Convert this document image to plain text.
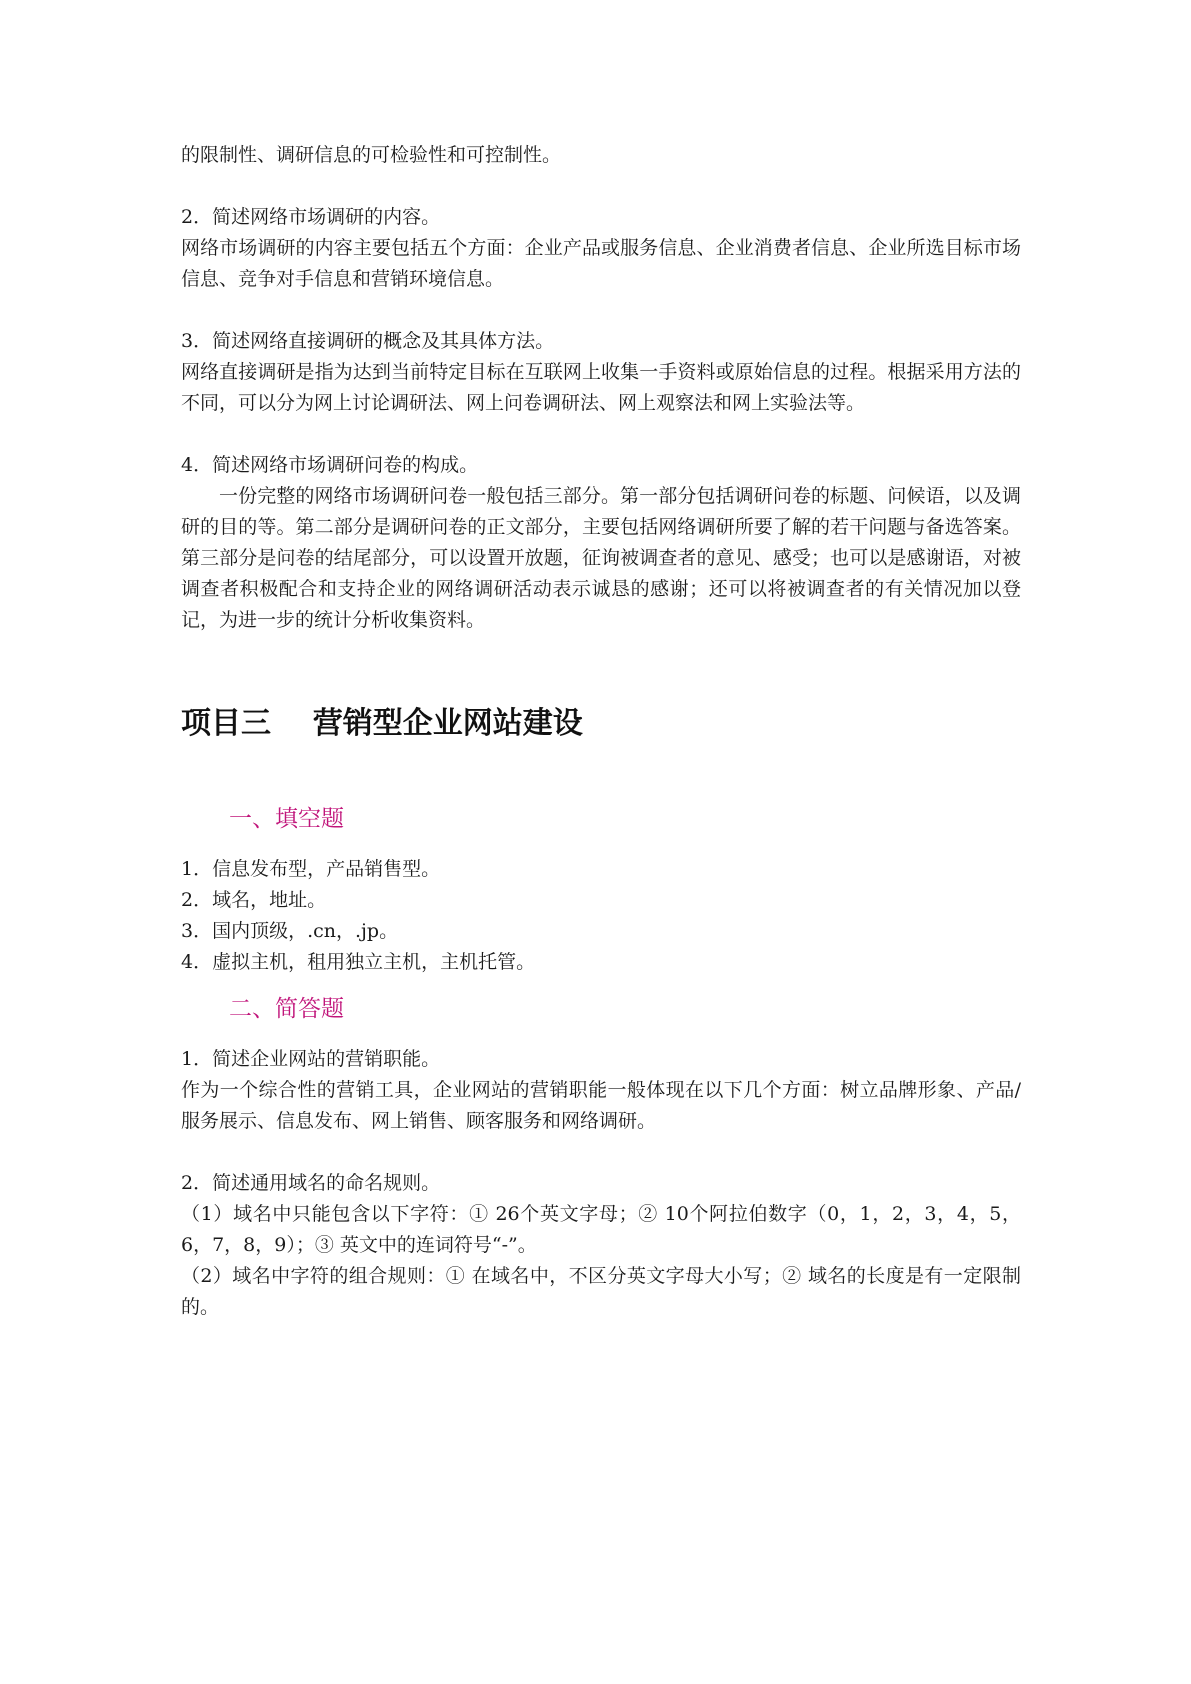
的限制性、调研信息的可检验性和可控制性。

2．简述网络市场调研的内容。

网络市场调研的内容主要包括五个方面：企业产品或服务信息、企业消费者信息、企业所选目标市场信息、竞争对手信息和营销环境信息。

3．简述网络直接调研的概念及其具体方法。

网络直接调研是指为达到当前特定目标在互联网上收集一手资料或原始信息的过程。根据采用方法的不同，可以分为网上讨论调研法、网上问卷调研法、网上观察法和网上实验法等。

4．简述网络市场调研问卷的构成。

一份完整的网络市场调研问卷一般包括三部分。第一部分包括调研问卷的标题、问候语，以及调研的目的等。第二部分是调研问卷的正文部分，主要包括网络调研所要了解的若干问题与备选答案。第三部分是问卷的结尾部分，可以设置开放题，征询被调查者的意见、感受；也可以是感谢语，对被调查者积极配合和支持企业的网络调研活动表示诚恳的感谢；还可以将被调查者的有关情况加以登记，为进一步的统计分析收集资料。

项目三    营销型企业网站建设
一、填空题

1．信息发布型，产品销售型。

2．域名，地址。

3．国内顶级，.cn，.jp。

4．虚拟主机，租用独立主机，主机托管。

二、简答题

1．简述企业网站的营销职能。

作为一个综合性的营销工具，企业网站的营销职能一般体现在以下几个方面：树立品牌形象、产品/服务展示、信息发布、网上销售、顾客服务和网络调研。

2．简述通用域名的命名规则。

（1）域名中只能包含以下字符：① 26个英文字母；② 10个阿拉伯数字（0，1，2，3，4，5，6，7，8，9）；③ 英文中的连词符号“-”。

（2）域名中字符的组合规则：① 在域名中，不区分英文字母大小写；② 域名的长度是有一定限制的。
